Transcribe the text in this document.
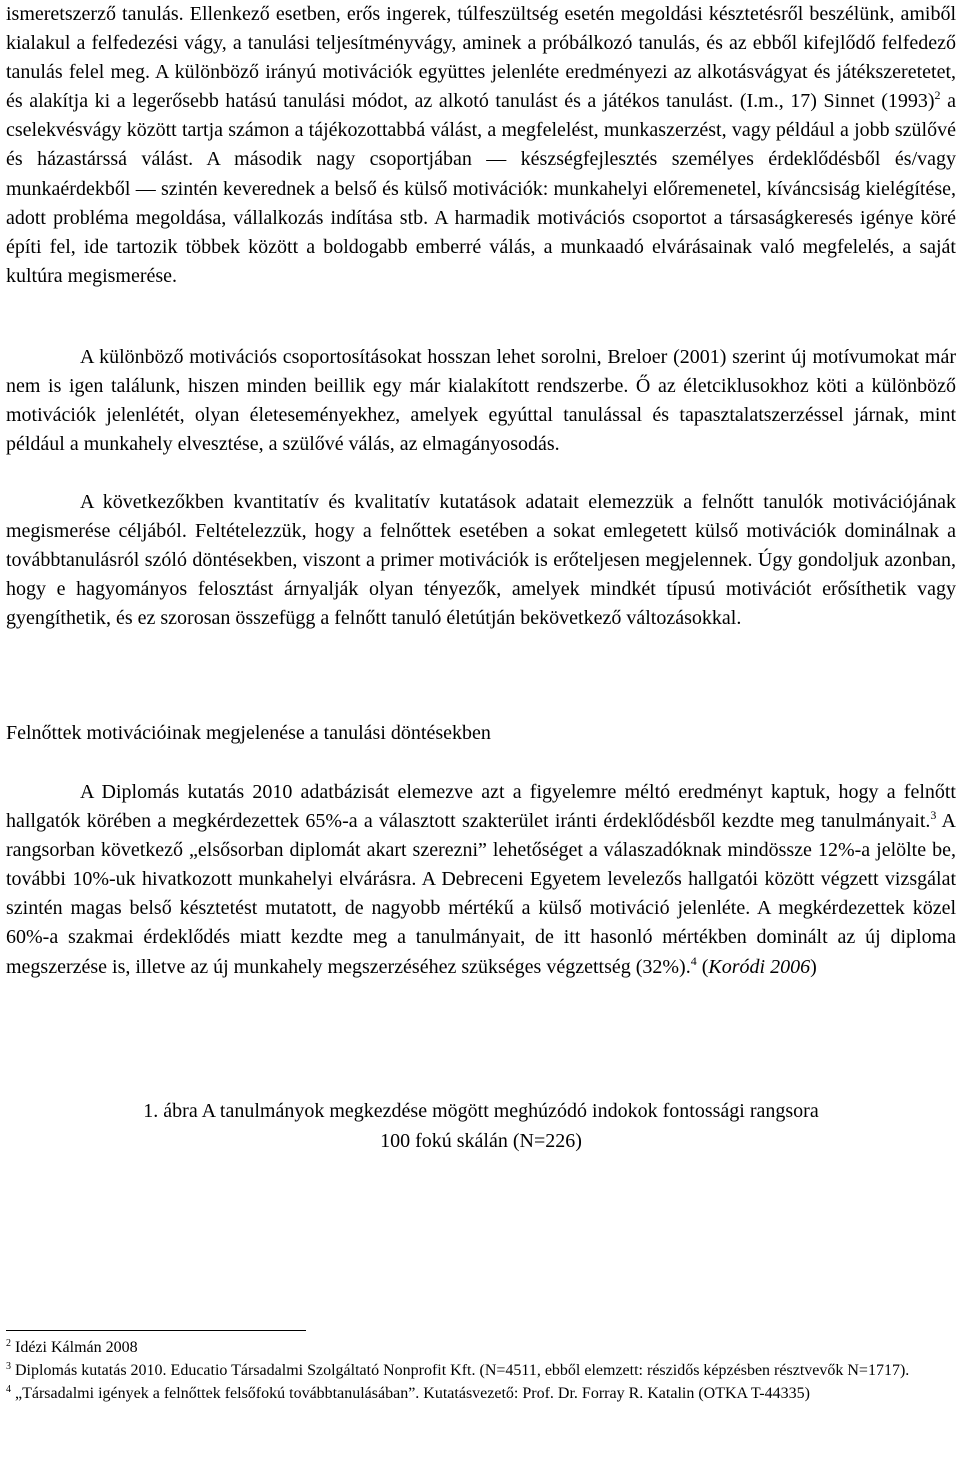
ismeretszerző tanulás. Ellenkező esetben, erős ingerek, túlfeszültség esetén megoldási késztetésről beszélünk, amiből kialakul a felfedezési vágy, a tanulási teljesítményvágy, aminek a próbálkozó tanulás, és az ebből kifejlődő felfedező tanulás felel meg. A különböző irányú motivációk együttes jelenléte eredményezi az alkotásvágyat és játékszeretetet, és alakítja ki a legerősebb hatású tanulási módot, az alkotó tanulást és a játékos tanulást. (I.m., 17) Sinnet $(1993)^2$ a cselekvésvágy között tartja számon a tájékozottabbá válást, a megfelelést, munkaszerzést, vagy például a jobb szülővé és házastárssá válást. A második nagy csoportjában ― készségfejlesztés személyes érdeklődésből és/vagy munkaérdekből ― szintén keverednek a belső és külső motivációk: munkahelyi előremenetel, kíváncsiság kielégítése, adott probléma megoldása, vállalkozás indítása stb. A harmadik motivációs csoportot a társaságkeresés igénye köré építi fel, ide tartozik többek között a boldogabb emberré válás, a munkaadó elvárásainak való megfelelés, a saját kultúra megismerése.

A különböző motivációs csoportosításokat hosszan lehet sorolni, Breloer (2001) szerint új motívumokat már nem is igen találunk, hiszen minden beillik egy már kialakított rendszerbe. Ő az életciklusokhoz köti a különböző motivációk jelenlétét, olyan életeseményekhez, amelyek egyúttal tanulással és tapasztalatszerzéssel járnak, mint például a munkahely elvesztése, a szülővé válás, az elmagányosodás.

A következőkben kvantitatív és kvalitatív kutatások adatait elemezzük a felnőtt tanulók motivációjának megismerése céljából. Feltételezzük, hogy a felnőttek esetében a sokat emlegetett külső motivációk dominálnak a továbbtanulásról szóló döntésekben, viszont a primer motivációk is erőteljesen megjelennek. Úgy gondoljuk azonban, hogy e hagyományos felosztást árnyalják olyan tényezők, amelyek mindkét típusú motivációt erősíthetik vagy gyengíthetik, és ez szorosan összefügg a felnőtt tanuló életútján bekövetkező változásokkal.

Felnőttek motivációinak megjelenése a tanulási döntésekben

A Diplomás kutatás 2010 adatbázisát elemezve azt a figyelemre méltó eredményt kaptuk, hogy a felnőtt hallgatók körében a megkérdezettek 65%-a a választott szakterület iránti érdeklődésből kezdte meg tanulmányait.$^3$ A rangsorban következő „elsősorban diplomát akart szerezni” lehetőséget a válaszadóknak mindössze 12%-a jelölte be, további 10%-uk hivatkozott munkahelyi elvárásra. A Debreceni Egyetem levelezős hallgatói között végzett vizsgálat szintén magas belső késztetést mutatott, de nagyobb mértékű a külső motiváció jelenléte. A megkérdezettek közel 60%-a szakmai érdeklődés miatt kezdte meg a tanulmányait, de itt hasonló mértékben dominált az új diploma megszerzése is, illetve az új munkahely megszerzéséhez szükséges végzettség (32%).$^4$ (Koródi 2006)

1. ábra A tanulmányok megkezdése mögött meghúzódó indokok fontossági rangsora

100 fokú skálán (N=226)

$^2$ Idézi Kálmán 2008

$^3$ Diplomás kutatás 2010. Educatio Társadalmi Szolgáltató Nonprofit Kft. (N=4511, ebből elemzett: részidős képzésben résztvevők N=1717).

$^4$ „Társadalmi igények a felnőttek felsőfokú továbbtanulásában”. Kutatásvezető: Prof. Dr. Forray R. Katalin (OTKA T-44335)
